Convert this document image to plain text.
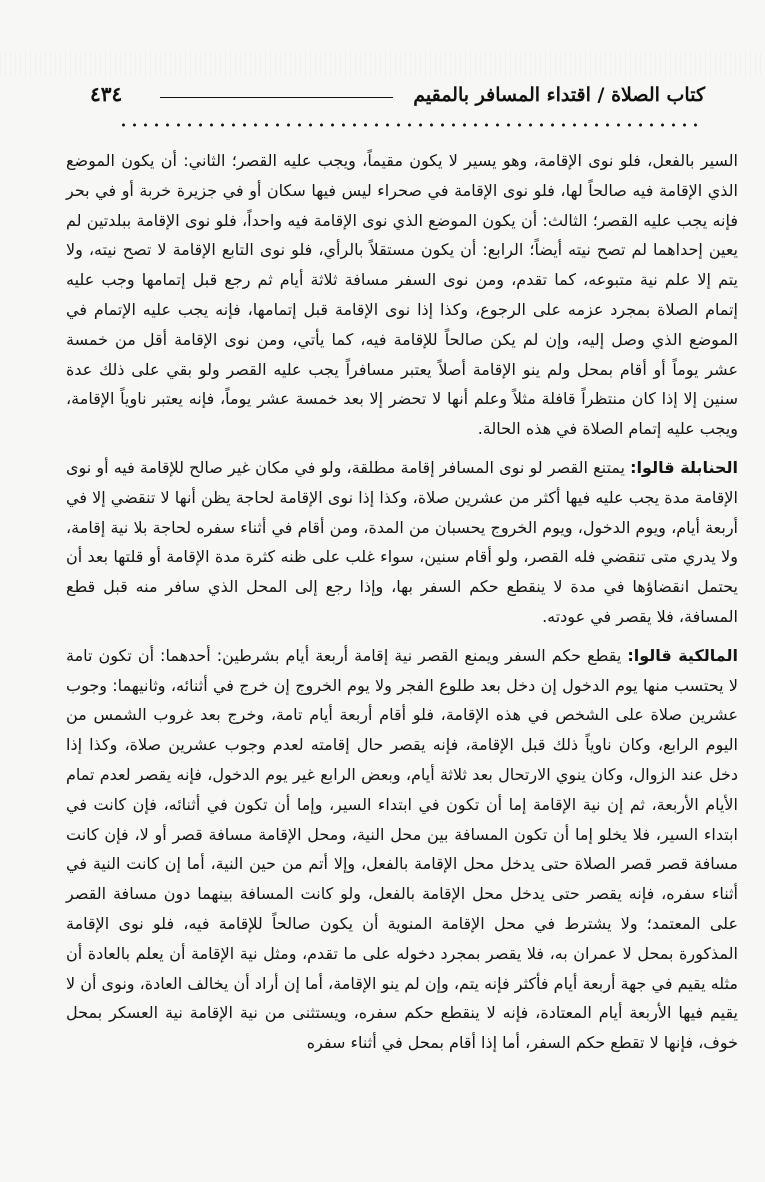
كتاب الصلاة / اقتداء المسافر بالمقيم
٤٣٤

السير بالفعل، فلو نوى الإقامة، وهو يسير لا يكون مقيماً، ويجب عليه القصر؛ الثاني: أن يكون الموضع الذي الإقامة فيه صالحاً لها، فلو نوى الإقامة في صحراء ليس فيها سكان أو في جزيرة خربة أو في بحر فإنه يجب عليه القصر؛ الثالث: أن يكون الموضع الذي نوى الإقامة فيه واحداً، فلو نوى الإقامة ببلدتين لم يعين إحداهما لم تصح نيته أيضاً؛ الرابع: أن يكون مستقلاً بالرأي، فلو نوى التابع الإقامة لا تصح نيته، ولا يتم إلا علم نية متبوعه، كما تقدم، ومن نوى السفر مسافة ثلاثة أيام ثم رجع قبل إتمامها وجب عليه إتمام الصلاة بمجرد عزمه على الرجوع، وكذا إذا نوى الإقامة قبل إتمامها، فإنه يجب عليه الإتمام في الموضع الذي وصل إليه، وإن لم يكن صالحاً للإقامة فيه، كما يأتي، ومن نوى الإقامة أقل من خمسة عشر يوماً أو أقام بمحل ولم ينو الإقامة أصلاً يعتبر مسافراً يجب عليه القصر ولو بقي على ذلك عدة سنين إلا إذا كان منتظراً قافلة مثلاً وعلم أنها لا تحضر إلا بعد خمسة عشر يوماً، فإنه يعتبر ناوياً الإقامة، ويجب عليه إتمام الصلاة في هذه الحالة.

الحنابلة قالوا: يمتنع القصر لو نوى المسافر إقامة مطلقة، ولو في مكان غير صالح للإقامة فيه أو نوى الإقامة مدة يجب عليه فيها أكثر من عشرين صلاة، وكذا إذا نوى الإقامة لحاجة يظن أنها لا تنقضي إلا في أربعة أيام، ويوم الدخول، ويوم الخروج يحسبان من المدة، ومن أقام في أثناء سفره لحاجة بلا نية إقامة، ولا يدري متى تنقضي فله القصر، ولو أقام سنين، سواء غلب على ظنه كثرة مدة الإقامة أو قلتها بعد أن يحتمل انقضاؤها في مدة لا ينقطع حكم السفر بها، وإذا رجع إلى المحل الذي سافر منه قبل قطع المسافة، فلا يقصر في عودته.

المالكية قالوا: يقطع حكم السفر ويمنع القصر نية إقامة أربعة أيام بشرطين: أحدهما: أن تكون تامة لا يحتسب منها يوم الدخول إن دخل بعد طلوع الفجر ولا يوم الخروج إن خرج في أثنائه، وثانيهما: وجوب عشرين صلاة على الشخص في هذه الإقامة، فلو أقام أربعة أيام تامة، وخرج بعد غروب الشمس من اليوم الرابع، وكان ناوياً ذلك قبل الإقامة، فإنه يقصر حال إقامته لعدم وجوب عشرين صلاة، وكذا إذا دخل عند الزوال، وكان ينوي الارتحال بعد ثلاثة أيام، وبعض الرابع غير يوم الدخول، فإنه يقصر لعدم تمام الأيام الأربعة، ثم إن نية الإقامة إما أن تكون في ابتداء السير، وإما أن تكون في أثنائه، فإن كانت في ابتداء السير، فلا يخلو إما أن تكون المسافة بين محل النية، ومحل الإقامة مسافة قصر أو لا، فإن كانت مسافة قصر قصر الصلاة حتى يدخل محل الإقامة بالفعل، وإلا أتم من حين النية، أما إن كانت النية في أثناء سفره، فإنه يقصر حتى يدخل محل الإقامة بالفعل، ولو كانت المسافة بينهما دون مسافة القصر على المعتمد؛ ولا يشترط في محل الإقامة المنوية أن يكون صالحاً للإقامة فيه، فلو نوى الإقامة المذكورة بمحل لا عمران به، فلا يقصر بمجرد دخوله على ما تقدم، ومثل نية الإقامة أن يعلم بالعادة أن مثله يقيم في جهة أربعة أيام فأكثر فإنه يتم، وإن لم ينو الإقامة، أما إن أراد أن يخالف العادة، ونوى أن لا يقيم فيها الأربعة أيام المعتادة، فإنه لا ينقطع حكم سفره، ويستثنى من نية الإقامة نية العسكر بمحل خوف، فإنها لا تقطع حكم السفر، أما إذا أقام بمحل في أثناء سفره
